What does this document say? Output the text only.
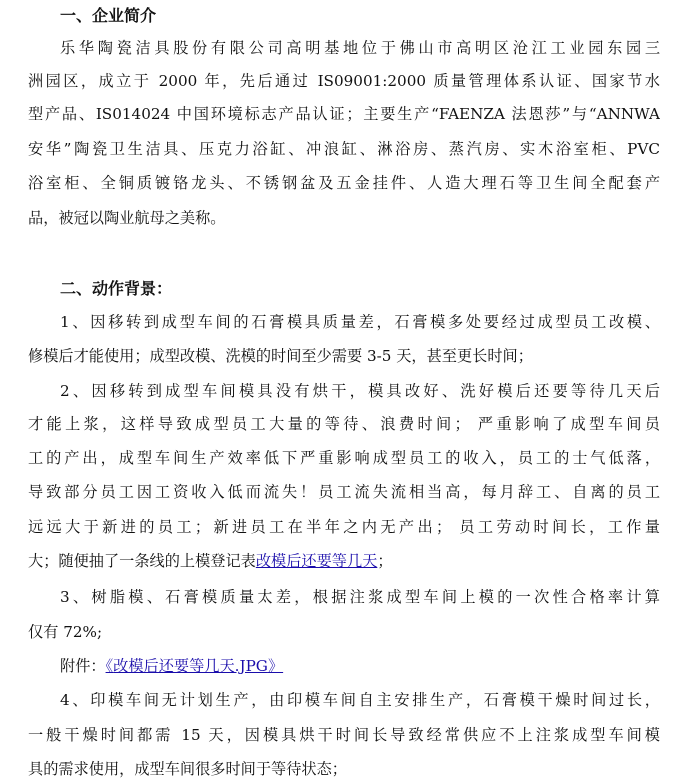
一、企业简介
乐华陶瓷洁具股份有限公司高明基地位于佛山市高明区沧江工业园东园三
洲园区，成立于 2000 年，先后通过 IS09001:2000 质量管理体系认证、国家节水
型产品、IS014024 中国环境标志产品认证；主要生产“FAENZA 法恩莎”与“ANNWA
安华”陶瓷卫生洁具、压克力浴缸、冲浪缸、淋浴房、蒸汽房、实木浴室柜、PVC
浴室柜、全铜质镀铬龙头、不锈钢盆及五金挂件、人造大理石等卫生间全配套产
品，被冠以陶业航母之美称。
二、动作背景：
1、因移转到成型车间的石膏模具质量差，石膏模多处要经过成型员工改模、
修模后才能使用；成型改模、洗模的时间至少需要 3-5 天，甚至更长时间；
2、因移转到成型车间模具没有烘干，模具改好、洗好模后还要等待几天后
才能上浆，这样导致成型员工大量的等待、浪费时间； 严重影响了成型车间员
工的产出，成型车间生产效率低下严重影响成型员工的收入，员工的士气低落，
导致部分员工因工资收入低而流失！员工流失流相当高，每月辞工、自离的员工
远远大于新进的员工；新进员工在半年之内无产出； 员工劳动时间长，工作量
大；随便抽了一条线的上模登记表改模后还要等几天；
3、树脂模、石膏模质量太差，根据注浆成型车间上模的一次性合格率计算
仅有 72%;
附件：《改模后还要等几天.JPG》
4、印模车间无计划生产，由印模车间自主安排生产，石膏模干燥时间过长，
一般干燥时间都需 15 天，因模具烘干时间长导致经常供应不上注浆成型车间模
具的需求使用，成型车间很多时间于等待状态；
